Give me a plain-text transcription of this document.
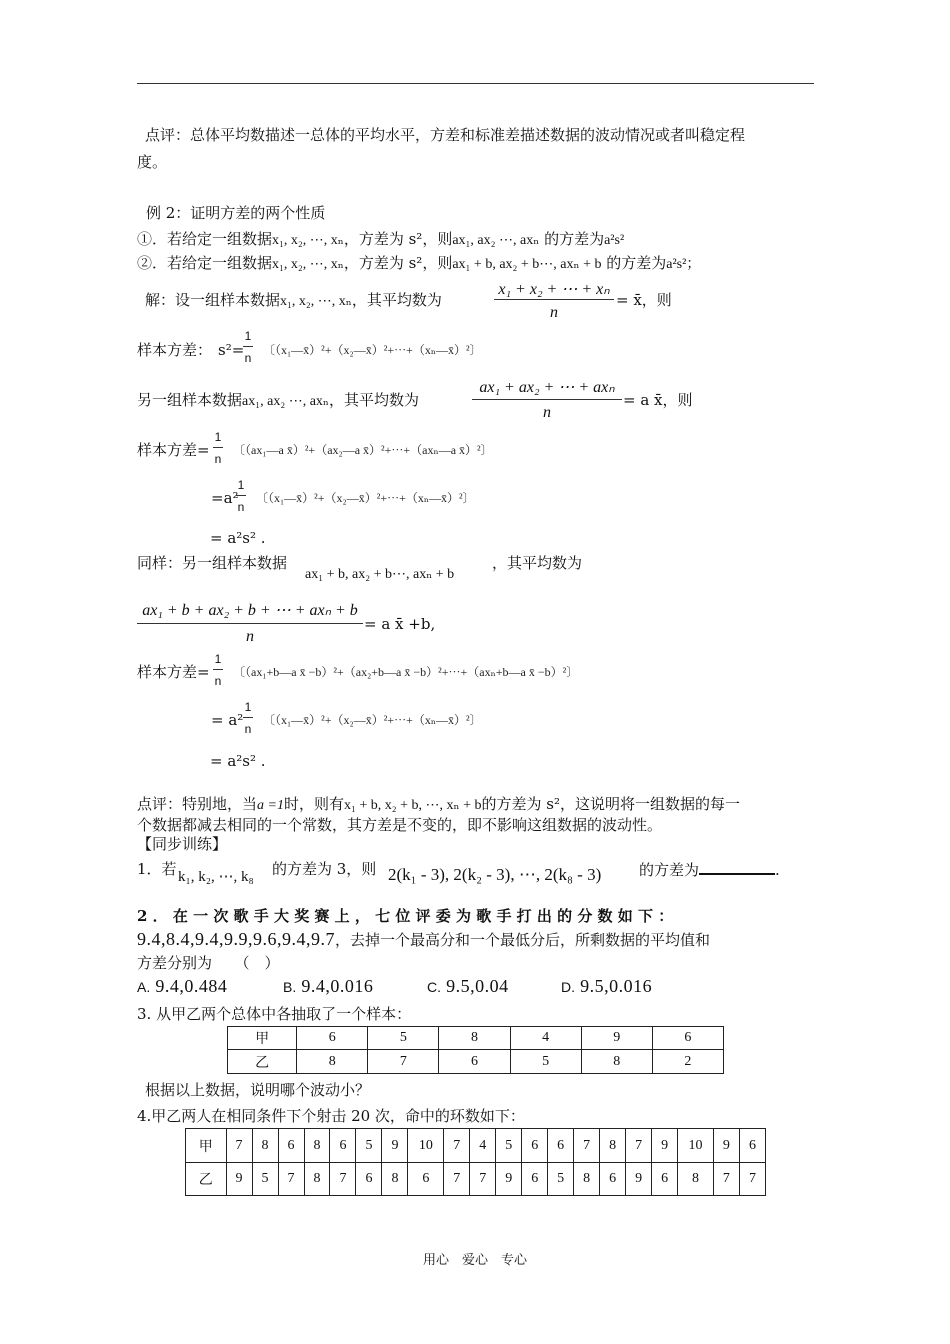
点评：总体平均数描述一总体的平均水平，方差和标准差描述数据的波动情况或者叫稳定程
度。
例 2：证明方差的两个性质
①．若给定一组数据x₁, x₂, ⋯, xₙ，方差为 s²，则ax₁, ax₂ ⋯, axₙ 的方差为a²s²
②．若给定一组数据x₁, x₂, ⋯, xₙ，方差为 s²，则ax₁ + b, ax₂ + b⋯, axₙ + b 的方差为a²s²；
解：设一组样本数据x₁, x₂, ⋯, xₙ，其平均数为
x₁ + x₂ + ⋯ + xₙ
n
= x̄，则
样本方差： s²=
1
n
〔（x₁—x̄）²+（x₂—x̄）²+⋯+（xₙ—x̄）²〕
另一组样本数据ax₁, ax₂ ⋯, axₙ，其平均数为
ax₁ + ax₂ + ⋯ + axₙ
n
= a x̄，则
样本方差=
1
n
〔（ax₁—a x̄）²+（ax₂—a x̄）²+⋯+（axₙ—a x̄）²〕
=a²
1
n
〔（x₁—x̄）²+（x₂—x̄）²+⋯+（xₙ—x̄）²〕
= a²s² .
同样：另一组样本数据
ax₁ + b, ax₂ + b⋯, axₙ + b
，其平均数为
ax₁ + b + ax₂ + b + ⋯ + axₙ + b
n
= a x̄ +b,
样本方差=
1
n
〔（ax₁+b—a x̄ −b）²+（ax₂+b—a x̄ −b）²+⋯+（axₙ+b—a x̄ −b）²〕
= a²
1
n
〔（x₁—x̄）²+（x₂—x̄）²+⋯+（xₙ—x̄）²〕
= a²s² .
点评：特别地，当a =1时，则有x₁ + b, x₂ + b, ⋯, xₙ + b的方差为 s²，这说明将一组数据的每一
个数据都减去相同的一个常数，其方差是不变的，即不影响这组数据的波动性。
【同步训练】
1．若 k₁, k₂, ⋯, k₈ 的方差为 3，则 2(k₁ - 3), 2(k₂ - 3), ⋯, 2(k₈ - 3)	的方差为	.
2 ． 在 一 次 歌 手 大 奖 赛 上 ， 七 位 评 委 为 歌 手 打 出 的 分 数 如 下 ：
9.4,8.4,9.4,9.9,9.6,9.4,9.7，去掉一个最高分和一个最低分后，所剩数据的平均值和
方差分别为　　（　）
A. 9.4,0.484	B. 9.4,0.016	C. 9.5,0.04	D. 9.5,0.016
3. 从甲乙两个总体中各抽取了一个样本：
甲	6	5	8	4	9	6
乙	8	7	6	5	8	2
根据以上数据，说明哪个波动小？
4.甲乙两人在相同条件下个射击 20 次，命中的环数如下：
甲	7	8	6	8	6	5	9	10	7	4	5	6	6	7	8	7	9	10	9	6
乙	9	5	7	8	7	6	8	6	7	7	9	6	5	8	6	9	6	8	7	7
用心　爱心　专心
